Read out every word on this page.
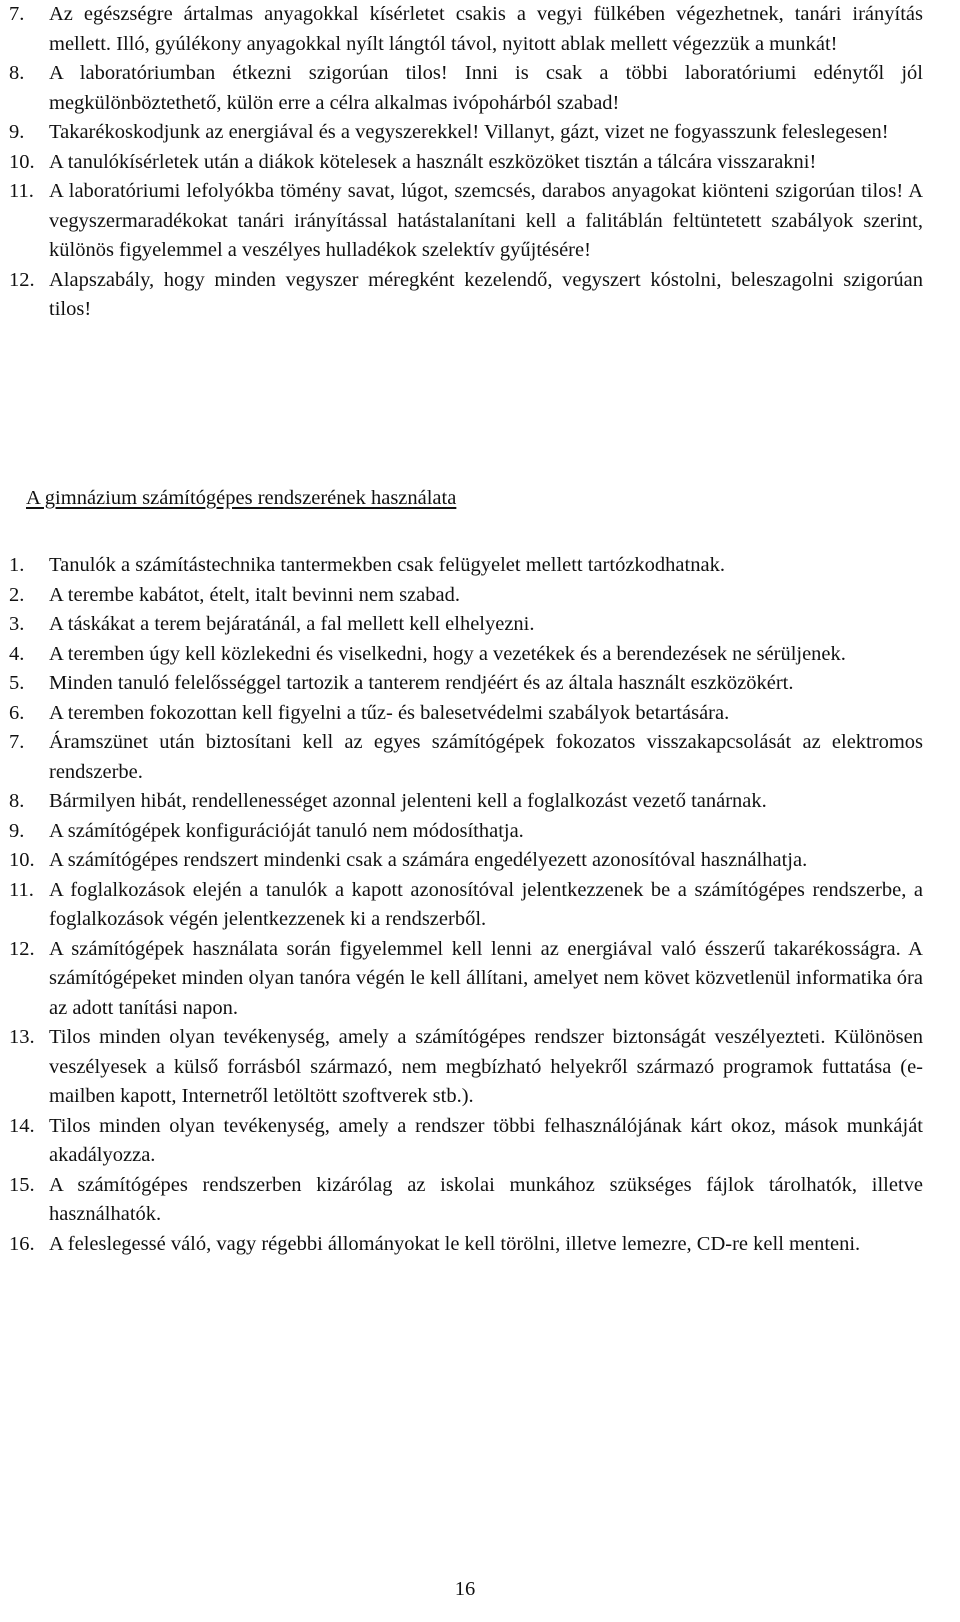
7.	Az egészségre ártalmas anyagokkal kísérletet csakis a vegyi fülkében végezhetnek, tanári irányítás mellett. Illó, gyúlékony anyagokkal nyílt lángtól távol, nyitott ablak mellett végezzük a munkát!
8.	A laboratóriumban étkezni szigorúan tilos! Inni is csak a többi laboratóriumi edénytől jól megkülönböztethető, külön erre a célra alkalmas ivópohárból szabad!
9.	Takarékoskodjunk az energiával és a vegyszerekkel! Villanyt, gázt, vizet ne fogyasszunk feleslegesen!
10. A tanulókísérletek után a diákok kötelesek a használt eszközöket tisztán a tálcára visszarakni!
11. A laboratóriumi lefolyókba tömény savat, lúgot, szemcsés, darabos anyagokat kiönteni szigorúan tilos! A vegyszermaradékokat tanári irányítással hatástalanítani kell a falitáblán feltüntetett szabályok szerint, különös figyelemmel a veszélyes hulladékok szelektív gyűjtésére!
12. Alapszabály, hogy minden vegyszer méregként kezelendő, vegyszert kóstolni, beleszagolni szigorúan tilos!
A gimnázium számítógépes rendszerének használata
1.	Tanulók a számítástechnika tantermekben csak felügyelet mellett tartózkodhatnak.
2.	A terembe kabátot, ételt, italt bevinni nem szabad.
3.	A táskákat a terem bejáratánál, a fal mellett kell elhelyezni.
4.	A teremben úgy kell közlekedni és viselkedni, hogy a vezetékek és a berendezések ne sérüljenek.
5.	Minden tanuló felelősséggel tartozik a tanterem rendjéért és az általa használt eszközökért.
6.	A teremben fokozottan kell figyelni a tűz- és balesetvédelmi szabályok betartására.
7.	Áramszünet után biztosítani kell az egyes számítógépek fokozatos visszakapcsolását az elektromos rendszerbe.
8.	Bármilyen hibát, rendellenességet azonnal jelenteni kell a foglalkozást vezető tanárnak.
9.	A számítógépek konfigurációját tanuló nem módosíthatja.
10. A számítógépes rendszert mindenki csak a számára engedélyezett azonosítóval használhatja.
11. A foglalkozások elején a tanulók a kapott azonosítóval jelentkezzenek be a számítógépes rendszerbe, a foglalkozások végén jelentkezzenek ki a rendszerből.
12. A számítógépek használata során figyelemmel kell lenni az energiával való ésszerű takarékosságra. A számítógépeket minden olyan tanóra végén le kell állítani, amelyet nem követ közvetlenül informatika óra az adott tanítási napon.
13. Tilos minden olyan tevékenység, amely a számítógépes rendszer biztonságát veszélyezteti. Különösen veszélyesek a külső forrásból származó, nem megbízható helyekről származó programok futtatása (e-mailben kapott, Internetről letöltött szoftverek stb.).
14. Tilos minden olyan tevékenység, amely a rendszer többi felhasználójának kárt okoz, mások munkáját akadályozza.
15. A számítógépes rendszerben kizárólag az iskolai munkához szükséges fájlok tárolhatók, illetve használhatók.
16. A feleslegessé váló, vagy régebbi állományokat le kell törölni, illetve lemezre, CD-re kell menteni.
16
